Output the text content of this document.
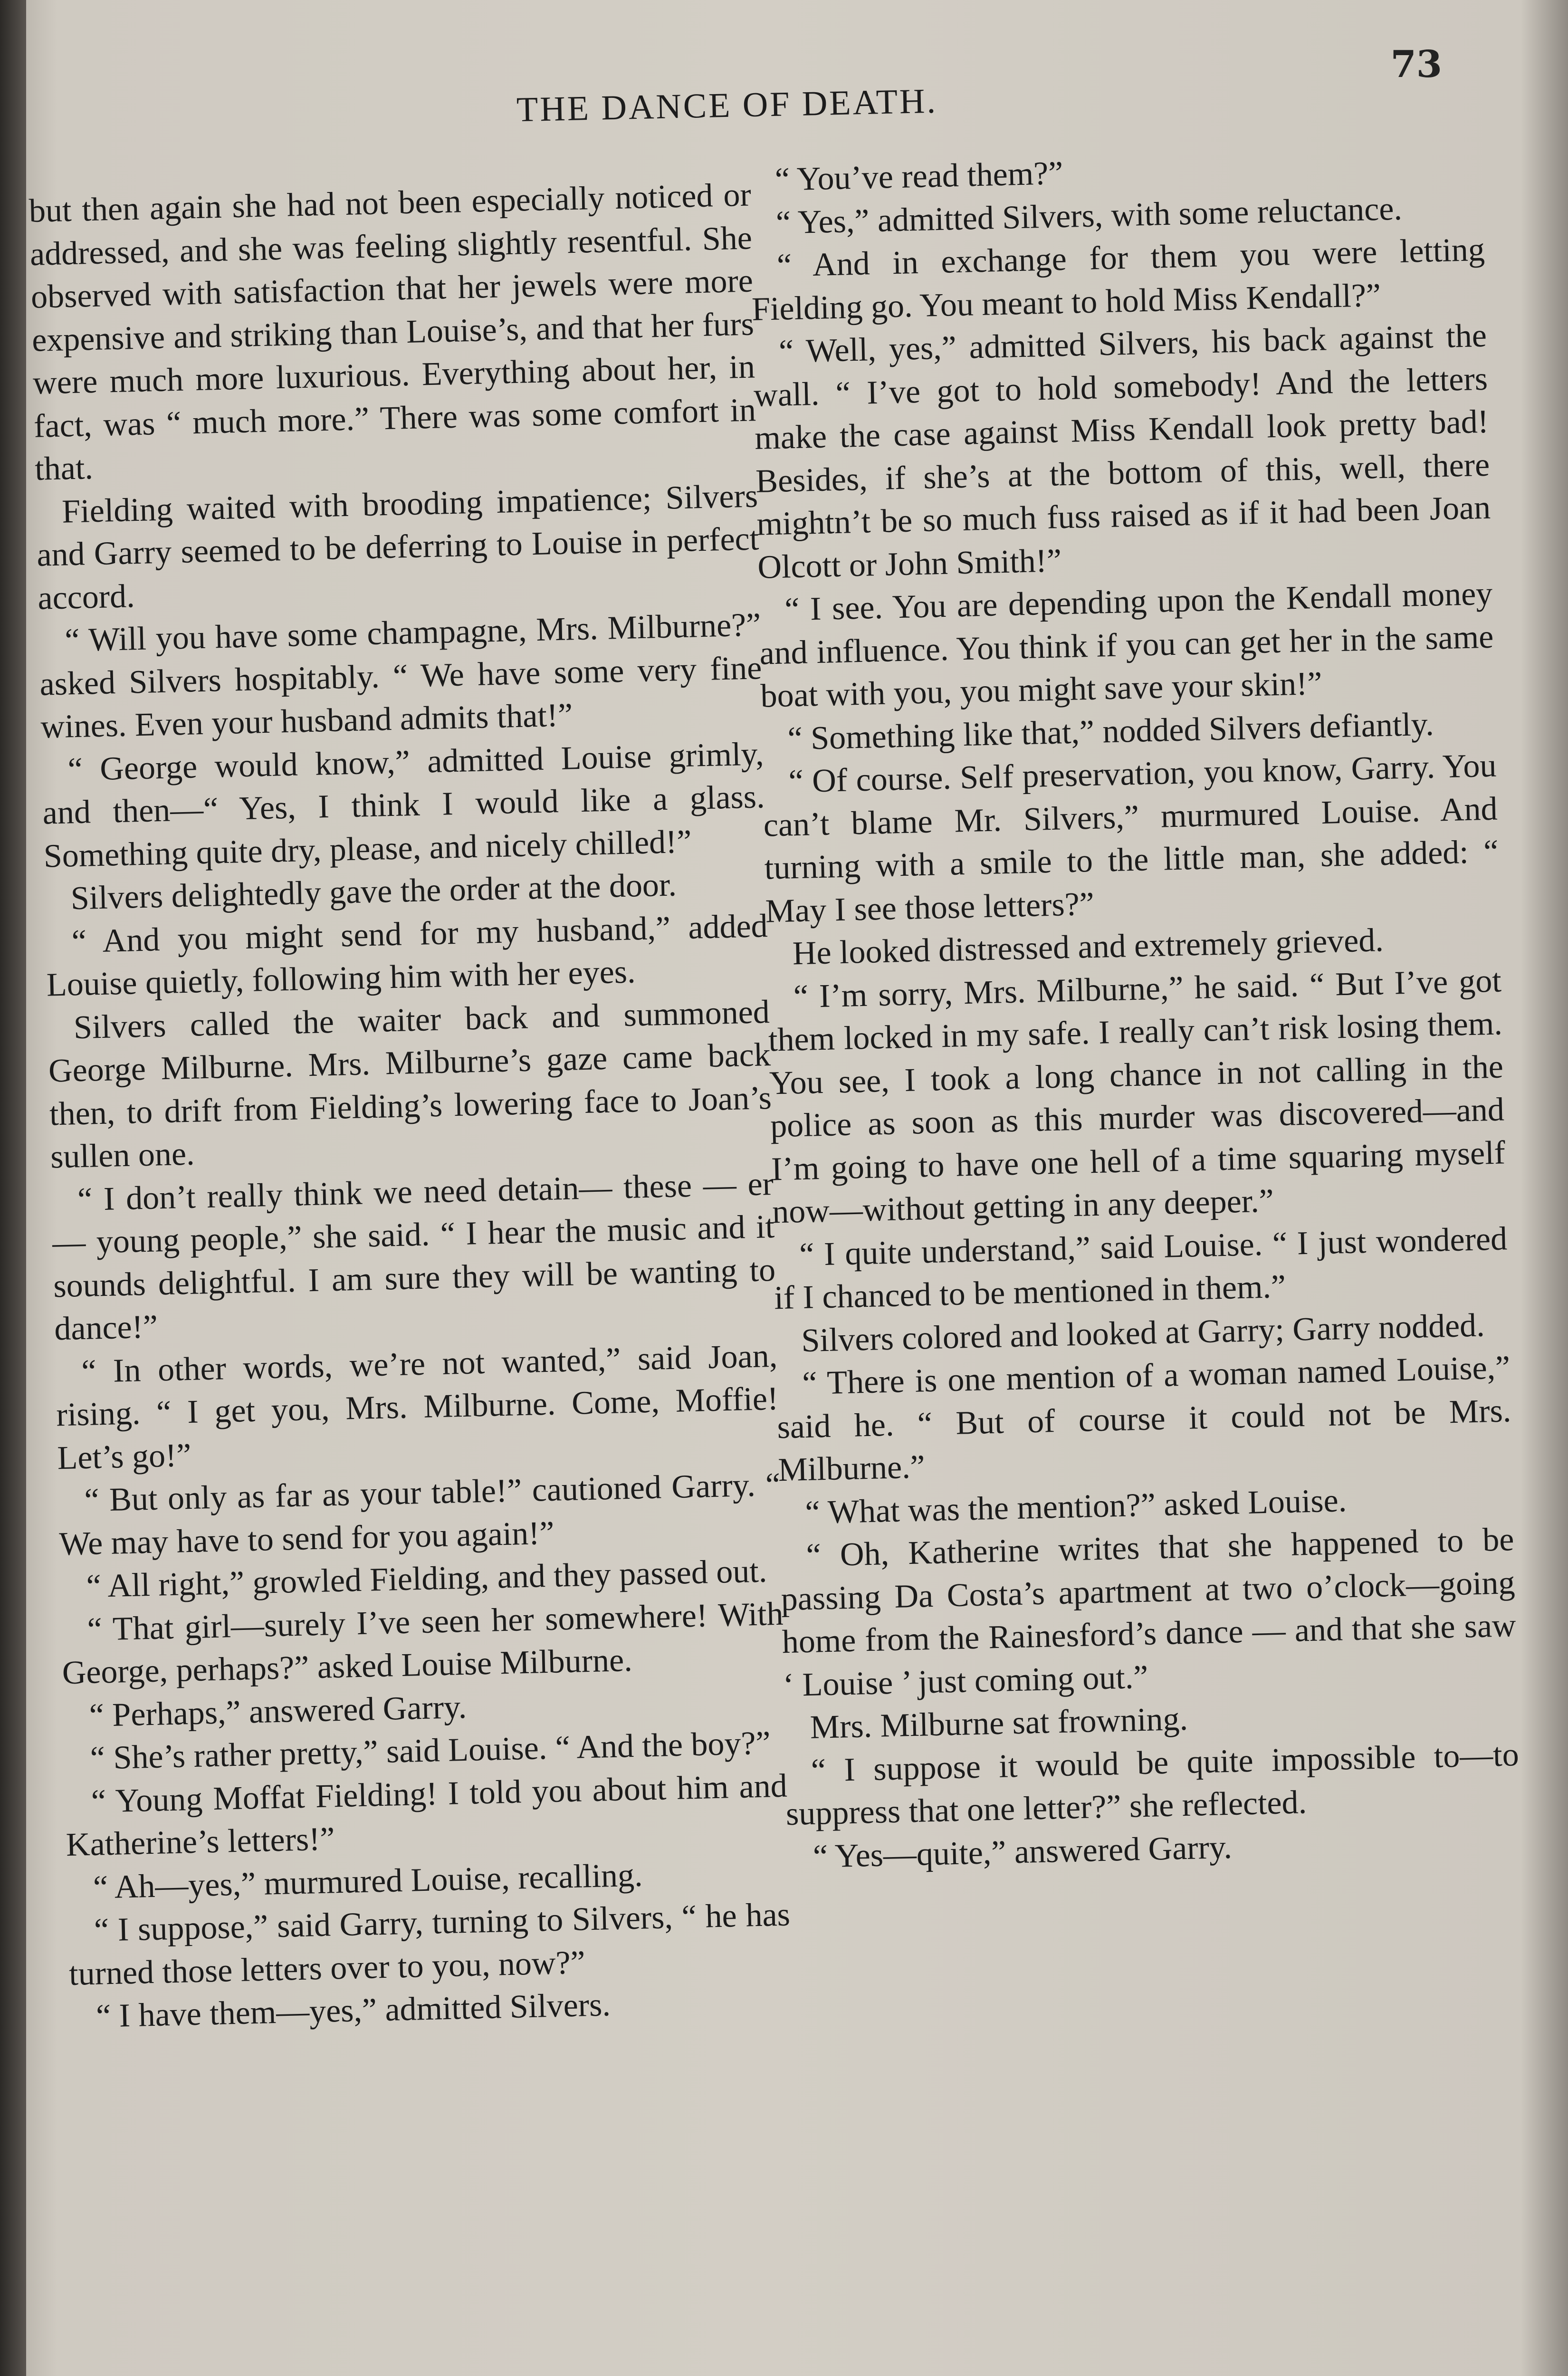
73
THE DANCE OF DEATH.

but then again she had not been especially noticed or addressed, and she was feeling slightly resentful. She observed with satisfaction that her jewels were more expensive and striking than Louise’s, and that her furs were much more luxurious. Everything about her, in fact, was “ much more.” There was some comfort in that.

Fielding waited with brooding impatience; Silvers and Garry seemed to be deferring to Louise in perfect accord.

“ Will you have some champagne, Mrs. Milburne?” asked Silvers hospitably. “ We have some very fine wines. Even your husband admits that!”

“ George would know,” admitted Louise grimly, and then—“ Yes, I think I would like a glass. Something quite dry, please, and nicely chilled!”

Silvers delightedly gave the order at the door.

“ And you might send for my husband,” added Louise quietly, following him with her eyes.

Silvers called the waiter back and summoned George Milburne. Mrs. Milburne’s gaze came back then, to drift from Fielding’s lowering face to Joan’s sullen one.

“ I don’t really think we need detain— these — er — young people,” she said. “ I hear the music and it sounds delightful. I am sure they will be wanting to dance!”

“ In other words, we’re not wanted,” said Joan, rising. “ I get you, Mrs. Milburne. Come, Moffie! Let’s go!”

“ But only as far as your table!” cautioned Garry. “ We may have to send for you again!”

“ All right,” growled Fielding, and they passed out.

“ That girl—surely I’ve seen her somewhere! With George, perhaps?” asked Louise Milburne.

“ Perhaps,” answered Garry.

“ She’s rather pretty,” said Louise. “ And the boy?”

“ Young Moffat Fielding! I told you about him and Katherine’s letters!”

“ Ah—yes,” murmured Louise, recalling.

“ I suppose,” said Garry, turning to Silvers, “ he has turned those letters over to you, now?”

“ I have them—yes,” admitted Silvers.

“ You’ve read them?”

“ Yes,” admitted Silvers, with some reluctance.

“ And in exchange for them you were letting Fielding go. You meant to hold Miss Kendall?”

“ Well, yes,” admitted Silvers, his back against the wall. “ I’ve got to hold somebody! And the letters make the case against Miss Kendall look pretty bad! Besides, if she’s at the bottom of this, well, there mightn’t be so much fuss raised as if it had been Joan Olcott or John Smith!”

“ I see. You are depending upon the Kendall money and influence. You think if you can get her in the same boat with you, you might save your skin!”

“ Something like that,” nodded Silvers defiantly.

“ Of course. Self preservation, you know, Garry. You can’t blame Mr. Silvers,” murmured Louise. And turning with a smile to the little man, she added: “ May I see those letters?”

He looked distressed and extremely grieved.

“ I’m sorry, Mrs. Milburne,” he said. “ But I’ve got them locked in my safe. I really can’t risk losing them. You see, I took a long chance in not calling in the police as soon as this murder was discovered—and I’m going to have one hell of a time squaring myself now—without getting in any deeper.”

“ I quite understand,” said Louise. “ I just wondered if I chanced to be mentioned in them.”

Silvers colored and looked at Garry; Garry nodded.

“ There is one mention of a woman named Louise,” said he. “ But of course it could not be Mrs. Milburne.”

“ What was the mention?” asked Louise.

“ Oh, Katherine writes that she happened to be passing Da Costa’s apartment at two o’clock—going home from the Rainesford’s dance — and that she saw ‘ Louise ’ just coming out.”

Mrs. Milburne sat frowning.

“ I suppose it would be quite impossible to—to suppress that one letter?” she reflected.

“ Yes—quite,” answered Garry.
